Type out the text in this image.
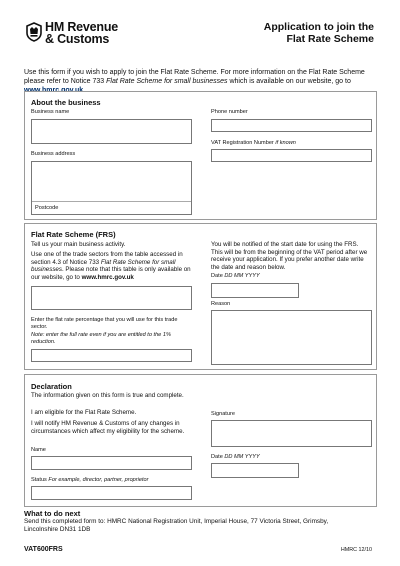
HM Revenue
& Customs
Application to join the
Flat Rate Scheme
Use this form if you wish to apply to join the Flat Rate Scheme. For more information on the Flat Rate Scheme please refer to Notice 733 Flat Rate Scheme for small businesses which is available on our website, go to
About the business
Business name	Phone number
VAT Registration Number if known
Business address
Postcode
Flat Rate Scheme (FRS)
Tell us your main business activity.
Use one of the trade sectors from the table accessed in section 4.3 of Notice 733 Flat Rate Scheme for small businesses. Please note that this table is only available on our website, go to www.hmrc.gov.uk
Enter the flat rate percentage that you will use for this trade sector.
Note: enter the full rate even if you are entitled to the 1% reduction.
You will be notified of the start date for using the FRS. This will be from the beginning of the VAT period after we receive your application. If you prefer another date write the date and reason below.
Date DD MM YYYY
Reason
Declaration
The information given on this form is true and complete.
I am eligible for the Flat Rate Scheme.
I will notify HM Revenue & Customs of any changes in circumstances which affect my eligibility for the scheme.
Name
Status For example, director, partner, proprietor
Signature
Date DD MM YYYY
What to do next
Send this completed form to: HMRC National Registration Unit, Imperial House, 77 Victoria Street, Grimsby, Lincolnshire DN31 1DB
VAT600FRS	HMRC 12/10
